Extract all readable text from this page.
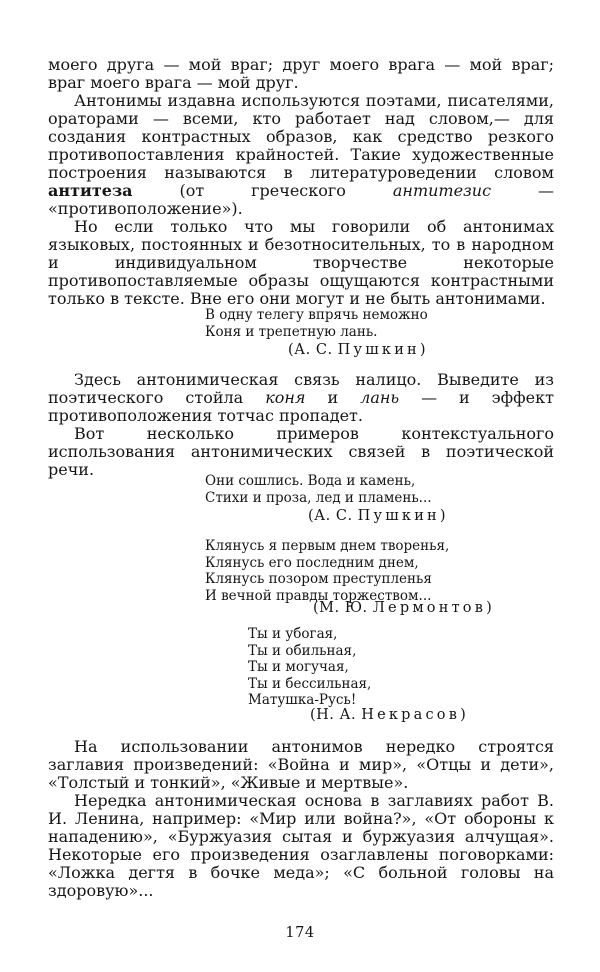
моего друга — мой враг; друг моего врага — мой враг; враг моего врага — мой друг.

Антонимы издавна используются поэтами, писателями, ораторами — всеми, кто работает над словом,— для создания контрастных образов, как средство резкого противопоставления крайностей. Такие художественные построения называются в литературоведении словом антитеза (от греческого антитезис — «противоположение»).

Но если только что мы говорили об антонимах языковых, постоянных и безотносительных, то в народном и индивидуальном творчестве некоторые противопоставляемые образы ощущаются контрастными только в тексте. Вне его они могут и не быть антонимами.

В одну телегу впрячь неможно
Коня и трепетную лань.
(А. С. Пушкин)

Здесь антонимическая связь налицо. Выведите из поэтического стойла коня и лань — и эффект противоположения тотчас пропадет.

Вот несколько примеров контекстуального использования антонимических связей в поэтической речи.

Они сошлись. Вода и камень,
Стихи и проза, лед и пламень...
(А. С. Пушкин)
Клянусь я первым днем творенья,
Клянусь его последним днем,
Клянусь позором преступленья
И вечной правды торжеством...
(М. Ю. Лермонтов)
Ты и убогая,
Ты и обильная,
Ты и могучая,
Ты и бессильная,
Матушка-Русь!
(Н. А. Некрасов)

На использовании антонимов нередко строятся заглавия произведений: «Война и мир», «Отцы и дети», «Толстый и тонкий», «Живые и мертвые».

Нередка антонимическая основа в заглавиях работ В. И. Ленина, например: «Мир или война?», «От обороны к нападению», «Буржуазия сытая и буржуазия алчущая». Некоторые его произведения озаглавлены поговорками: «Ложка дегтя в бочке меда»; «С больной головы на здоровую»...

174
